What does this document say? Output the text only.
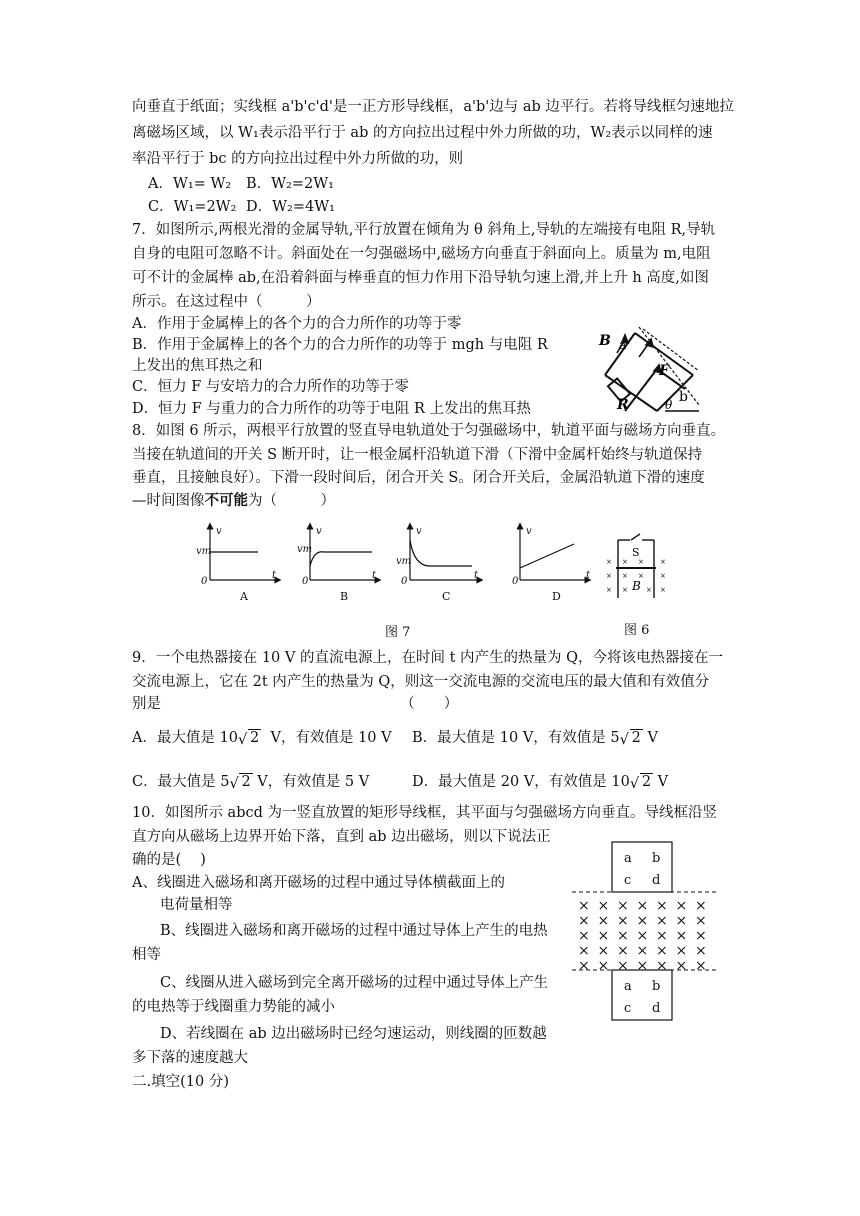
向垂直于纸面；实线框 a'b'c'd'是一正方形导线框，a'b'边与 ab 边平行。若将导线框匀速地拉
离磁场区域，以 W₁表示沿平行于 ab 的方向拉出过程中外力所做的功，W₂表示以同样的速
率沿平行于 bc 的方向拉出过程中外力所做的功，则
A．W₁= W₂ B．W₂=2W₁
C．W₁=2W₂ D．W₂=4W₁
7．如图所示,两根光滑的金属导轨,平行放置在倾角为 θ 斜角上,导轨的左端接有电阻 R,导轨
自身的电阻可忽略不计。斜面处在一匀强磁场中,磁场方向垂直于斜面向上。质量为 m,电阻
可不计的金属棒 ab,在沿着斜面与棒垂直的恒力作用下沿导轨匀速上滑,并上升 h 高度,如图
所示。在这过程中（　　　）
A．作用于金属棒上的各个力的合力所作的功等于零
B．作用于金属棒上的各个力的合力所作的功等于 mgh 与电阻 R
上发出的焦耳热之和
C．恒力 F 与安培力的合力所作的功等于零
D．恒力 F 与重力的合力所作的功等于电阻 R 上发出的焦耳热
B a
F
R	θ b
8．如图 6 所示，两根平行放置的竖直导电轨道处于匀强磁场中，轨道平面与磁场方向垂直。
当接在轨道间的开关 S 断开时，让一根金属杆沿轨道下滑（下滑中金属杆始终与轨道保持
垂直，且接触良好）。下滑一段时间后，闭合开关 S。闭合开关后，金属沿轨道下滑的速度
—时间图像不可能为（　　　）
v
vm
0
t
v
vm
0
t
v
vm
0
t
v
0
t
A	B	C	D
S
B
×
×
×
×
×
×
×
×
×
×
×
×
图 7	图 6
9．一个电热器接在 10 V 的直流电源上，在时间 t 内产生的热量为 Q，今将该电热器接在一
交流电源上，它在 2t 内产生的热量为 Q，则这一交流电源的交流电压的最大值和有效值分
别是　　　　　　　　　　　　　　　　　（　　）
A．最大值是 10 √ 2 V，有效值是 10 V B．最大值是 10 V，有效值是 5 √ 2 V
C．最大值是 5 √ 2 V，有效值是 5 V	D．最大值是 20 V，有效值是 10 √ 2 V
10．如图所示 abcd 为一竖直放置的矩形导线框，其平面与匀强磁场方向垂直。导线框沿竖
直方向从磁场上边界开始下落，直到 ab 边出磁场，则以下说法正
确的是(　 )
A、线圈进入磁场和离开磁场的过程中通过导体横截面上的
电荷量相等
B、线圈进入磁场和离开磁场的过程中通过导体上产生的电热
相等
C、线圈从进入磁场到完全离开磁场的过程中通过导体上产生
的电热等于线圈重力势能的减小
D、若线圈在 ab 边出磁场时已经匀速运动，则线圈的匝数越
多下落的速度越大
a b
c d
a b
c d
× × × × × × ×
× × × × × × ×
× × × × × × ×
× × × × × × ×
× × × × × × ×
二.填空(10 分)
